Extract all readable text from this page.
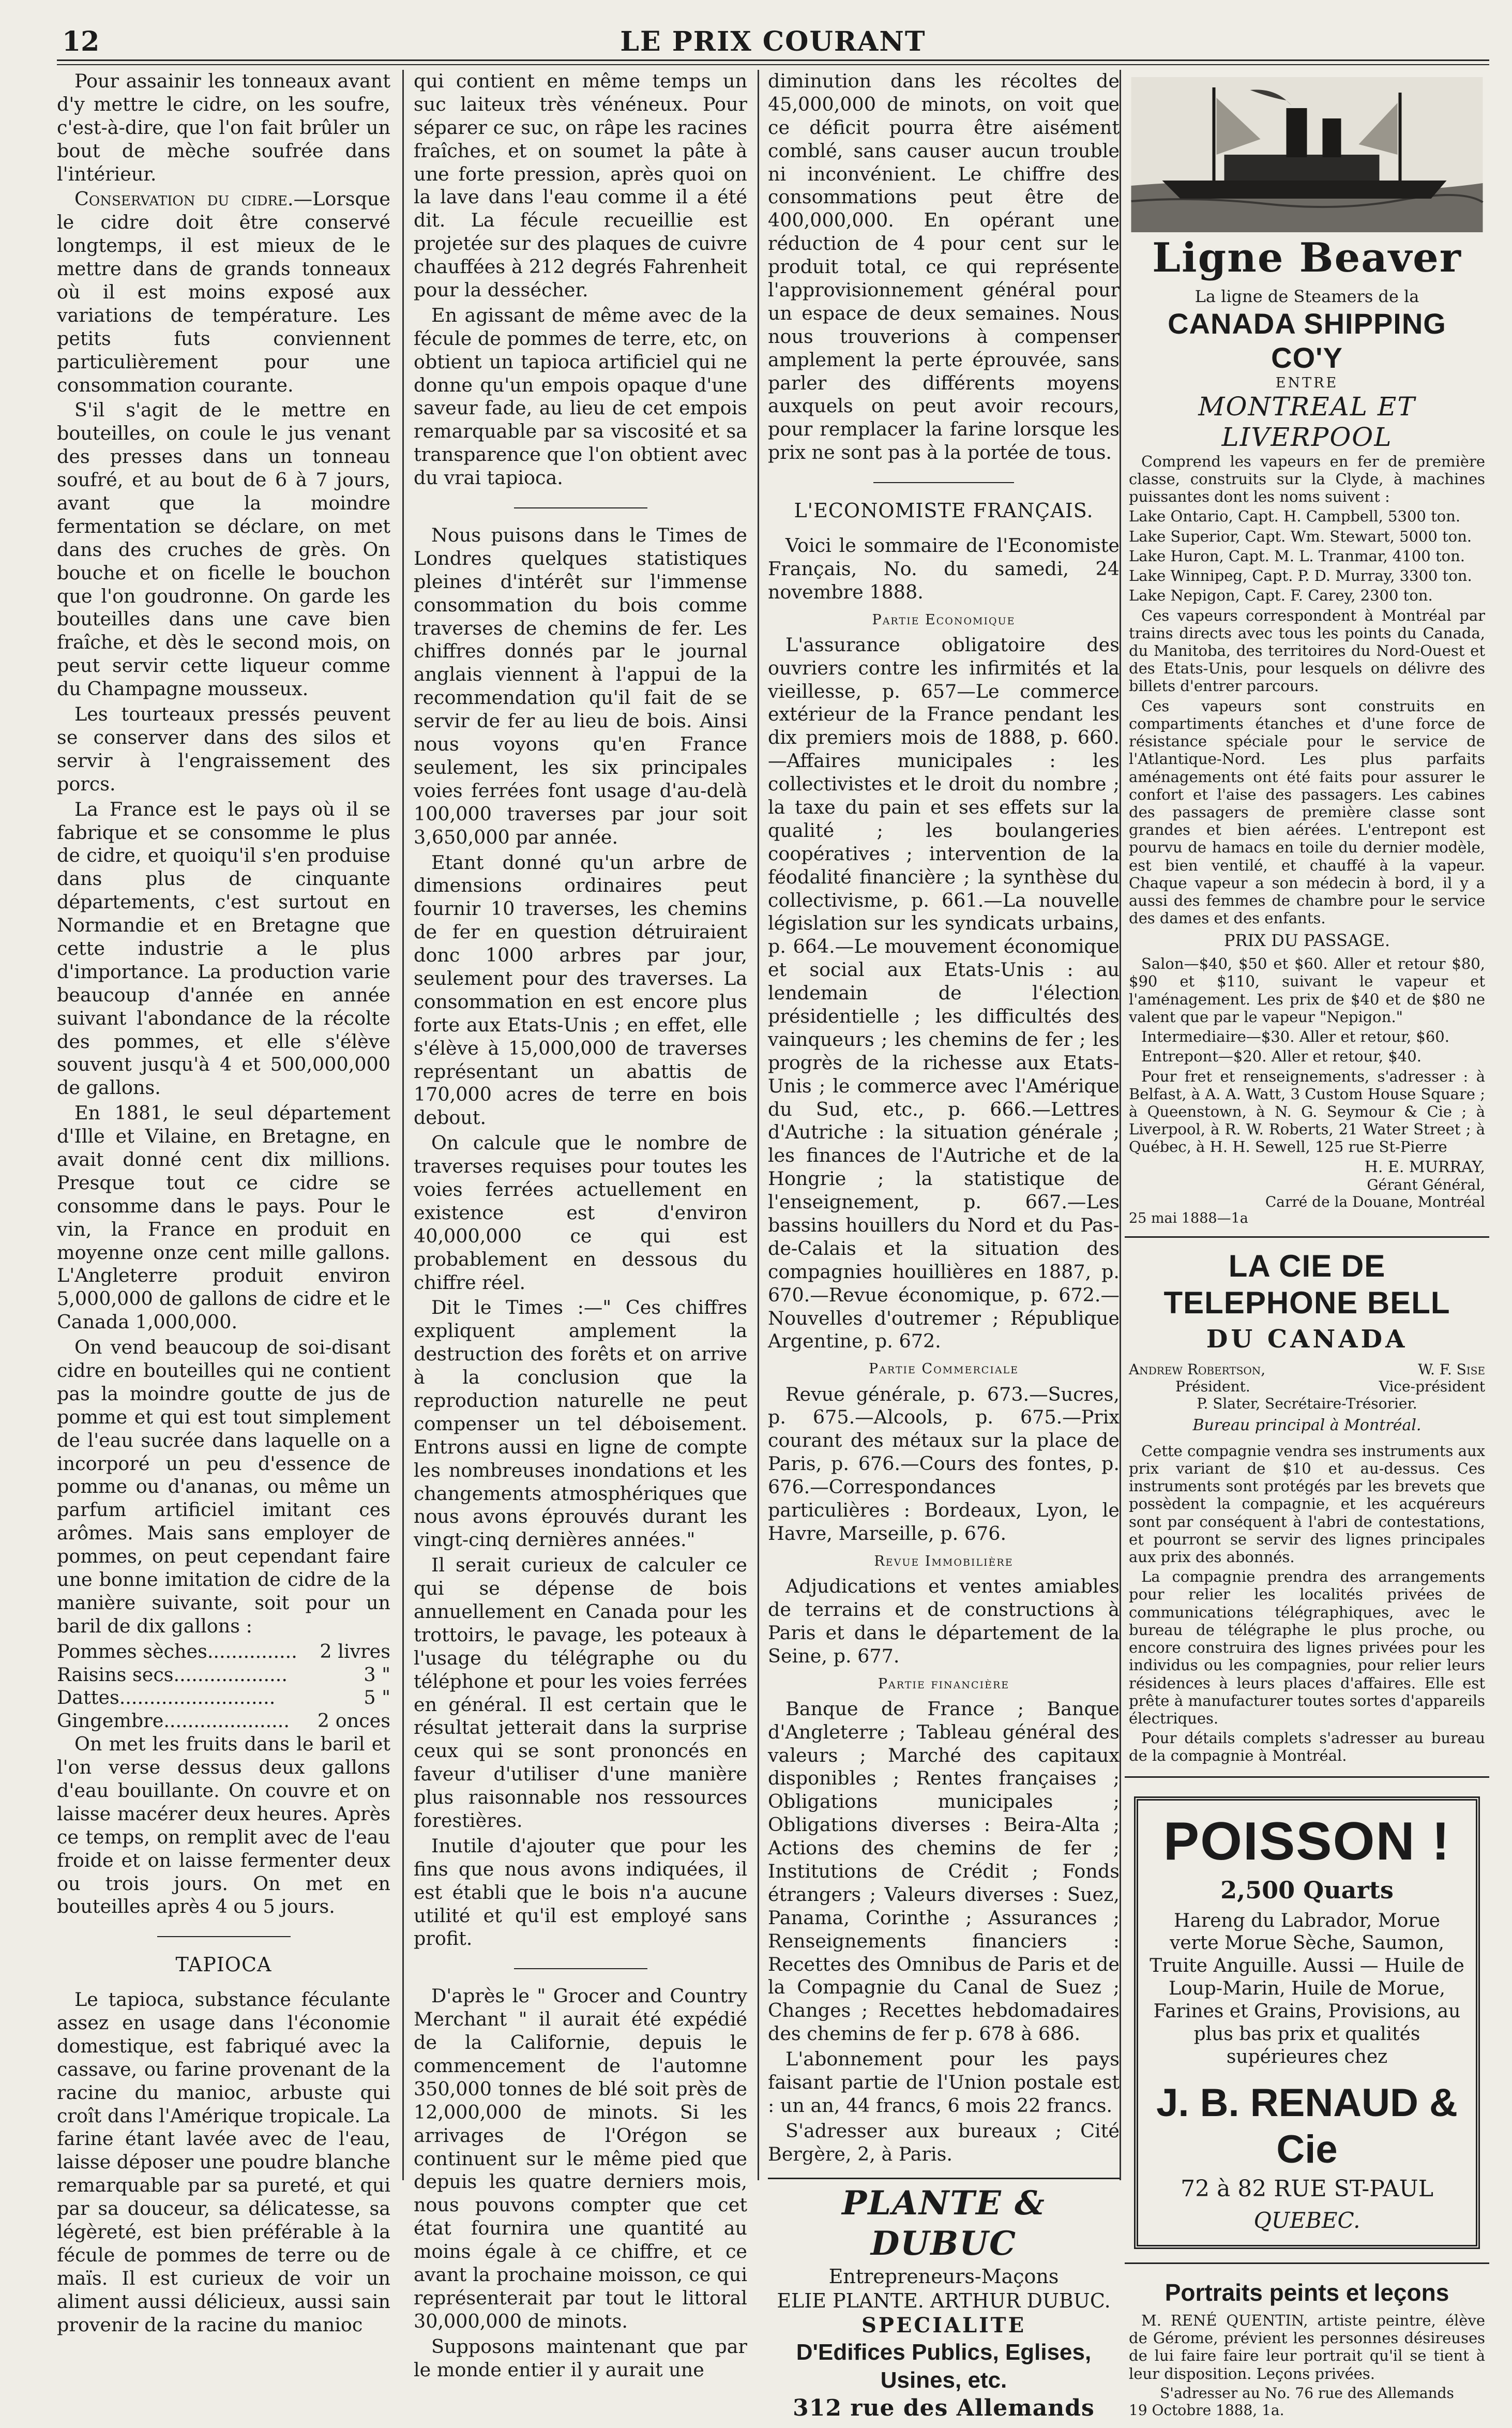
12	LE PRIX COURANT

Pour assainir les tonneaux avant d'y mettre le cidre, on les soufre, c'est-à-dire, que l'on fait brûler un bout de mèche soufrée dans l'intérieur.

Conservation du cidre.—Lorsque le cidre doit être conservé longtemps, il est mieux de le mettre dans de grands tonneaux où il est moins exposé aux variations de température. Les petits futs conviennent particulièrement pour une consommation courante.

S'il s'agit de le mettre en bouteilles, on coule le jus venant des presses dans un tonneau soufré, et au bout de 6 à 7 jours, avant que la moindre fermentation se déclare, on met dans des cruches de grès. On bouche et on ficelle le bouchon que l'on goudronne. On garde les bouteilles dans une cave bien fraîche, et dès le second mois, on peut servir cette liqueur comme du Champagne mousseux.

Les tourteaux pressés peuvent se conserver dans des silos et servir à l'engraissement des porcs.

La France est le pays où il se fabrique et se consomme le plus de cidre, et quoiqu'il s'en produise dans plus de cinquante départements, c'est surtout en Normandie et en Bretagne que cette industrie a le plus d'importance. La production varie beaucoup d'année en année suivant l'abondance de la récolte des pommes, et elle s'élève souvent jusqu'à 4 et 500,000,000 de gallons.

En 1881, le seul département d'Ille et Vilaine, en Bretagne, en avait donné cent dix millions. Presque tout ce cidre se consomme dans le pays. Pour le vin, la France en produit en moyenne onze cent mille gallons. L'Angleterre produit environ 5,000,000 de gallons de cidre et le Canada 1,000,000.

On vend beaucoup de soi-disant cidre en bouteilles qui ne contient pas la moindre goutte de jus de pomme et qui est tout simplement de l'eau sucrée dans laquelle on a incorporé un peu d'essence de pomme ou d'ananas, ou même un parfum artificiel imitant ces arômes. Mais sans employer de pommes, on peut cependant faire une bonne imitation de cidre de la manière suivante, soit pour un baril de dix gallons :

Pommes sèches...............	2 livres
Raisins secs...................	3 "
Dattes..........................	5 "
Gingembre.....................	2 onces

On met les fruits dans le baril et l'on verse dessus deux gallons d'eau bouillante. On couvre et on laisse macérer deux heures. Après ce temps, on remplit avec de l'eau froide et on laisse fermenter deux ou trois jours. On met en bouteilles après 4 ou 5 jours.

TAPIOCA

Le tapioca, substance féculante assez en usage dans l'économie domestique, est fabriqué avec la cassave, ou farine provenant de la racine du manioc, arbuste qui croît dans l'Amérique tropicale. La farine étant lavée avec de l'eau, laisse déposer une poudre blanche remarquable par sa pureté, et qui par sa douceur, sa délicatesse, sa légèreté, est bien préférable à la fécule de pommes de terre ou de maïs. Il est curieux de voir un aliment aussi délicieux, aussi sain provenir de la racine du manioc

qui contient en même temps un suc laiteux très vénéneux. Pour séparer ce suc, on râpe les racines fraîches, et on soumet la pâte à une forte pression, après quoi on la lave dans l'eau comme il a été dit. La fécule recueillie est projetée sur des plaques de cuivre chauffées à 212 degrés Fahrenheit pour la dessécher.

En agissant de même avec de la fécule de pommes de terre, etc, on obtient un tapioca artificiel qui ne donne qu'un empois opaque d'une saveur fade, au lieu de cet empois remarquable par sa viscosité et sa transparence que l'on obtient avec du vrai tapioca.

Nous puisons dans le Times de Londres quelques statistiques pleines d'intérêt sur l'immense consommation du bois comme traverses de chemins de fer. Les chiffres donnés par le journal anglais viennent à l'appui de la recommendation qu'il fait de se servir de fer au lieu de bois. Ainsi nous voyons qu'en France seulement, les six principales voies ferrées font usage d'au-delà 100,000 traverses par jour soit 3,650,000 par année.

Etant donné qu'un arbre de dimensions ordinaires peut fournir 10 traverses, les chemins de fer en question détruiraient donc 1000 arbres par jour, seulement pour des traverses. La consommation en est encore plus forte aux Etats-Unis ; en effet, elle s'élève à 15,000,000 de traverses représentant un abattis de 170,000 acres de terre en bois debout.

On calcule que le nombre de traverses requises pour toutes les voies ferrées actuellement en existence est d'environ 40,000,000 ce qui est probablement en dessous du chiffre réel.

Dit le Times :—" Ces chiffres expliquent amplement la destruction des forêts et on arrive à la conclusion que la reproduction naturelle ne peut compenser un tel déboisement. Entrons aussi en ligne de compte les nombreuses inondations et les changements atmosphériques que nous avons éprouvés durant les vingt-cinq dernières années."

Il serait curieux de calculer ce qui se dépense de bois annuellement en Canada pour les trottoirs, le pavage, les poteaux à l'usage du télégraphe ou du téléphone et pour les voies ferrées en général. Il est certain que le résultat jetterait dans la surprise ceux qui se sont prononcés en faveur d'utiliser d'une manière plus raisonnable nos ressources forestières.

Inutile d'ajouter que pour les fins que nous avons indiquées, il est établi que le bois n'a aucune utilité et qu'il est employé sans profit.

D'après le " Grocer and Country Merchant " il aurait été expédié de la Californie, depuis le commencement de l'automne 350,000 tonnes de blé soit près de 12,000,000 de minots. Si les arrivages de l'Orégon se continuent sur le même pied que depuis les quatre derniers mois, nous pouvons compter que cet état fournira une quantité au moins égale à ce chiffre, et ce avant la prochaine moisson, ce qui représenterait par tout le littoral 30,000,000 de minots.

Supposons maintenant que par le monde entier il y aurait une

diminution dans les récoltes de 45,000,000 de minots, on voit que ce déficit pourra être aisément comblé, sans causer aucun trouble ni inconvénient. Le chiffre des consommations peut être de 400,000,000. En opérant une réduction de 4 pour cent sur le produit total, ce qui représente l'approvisionnement général pour un espace de deux semaines. Nous nous trouverions à compenser amplement la perte éprouvée, sans parler des différents moyens auxquels on peut avoir recours, pour remplacer la farine lorsque les prix ne sont pas à la portée de tous.

L'ECONOMISTE FRANÇAIS.

Voici le sommaire de l'Economiste Français, No. du samedi, 24 novembre 1888.

Partie Economique

L'assurance obligatoire des ouvriers contre les infirmités et la vieillesse, p. 657—Le commerce extérieur de la France pendant les dix premiers mois de 1888, p. 660.—Affaires municipales : les collectivistes et le droit du nombre ; la taxe du pain et ses effets sur la qualité ; les boulangeries coopératives ; intervention de la féodalité financière ; la synthèse du collectivisme, p. 661.—La nouvelle législation sur les syndicats urbains, p. 664.—Le mouvement économique et social aux Etats-Unis : au lendemain de l'élection présidentielle ; les difficultés des vainqueurs ; les chemins de fer ; les progrès de la richesse aux Etats-Unis ; le commerce avec l'Amérique du Sud, etc., p. 666.—Lettres d'Autriche : la situation générale ; les finances de l'Autriche et de la Hongrie ; la statistique de l'enseignement, p. 667.—Les bassins houillers du Nord et du Pas-de-Calais et la situation des compagnies houillières en 1887, p. 670.—Revue économique, p. 672.—Nouvelles d'outremer ; République Argentine, p. 672.

Partie Commerciale

Revue générale, p. 673.—Sucres, p. 675.—Alcools, p. 675.—Prix courant des métaux sur la place de Paris, p. 676.—Cours des fontes, p. 676.—Correspondances particulières : Bordeaux, Lyon, le Havre, Marseille, p. 676.

Revue Immobilière

Adjudications et ventes amiables de terrains et de constructions à Paris et dans le département de la Seine, p. 677.

Partie financière

Banque de France ; Banque d'Angleterre ; Tableau général des valeurs ; Marché des capitaux disponibles ; Rentes françaises ; Obligations municipales ; Obligations diverses : Beira-Alta ; Actions des chemins de fer ; Institutions de Crédit ; Fonds étrangers ; Valeurs diverses : Suez, Panama, Corinthe ; Assurances ; Renseignements financiers : Recettes des Omnibus de Paris et de la Compagnie du Canal de Suez ; Changes ; Recettes hebdomadaires des chemins de fer p. 678 à 686.

L'abonnement pour les pays faisant partie de l'Union postale est : un an, 44 francs, 6 mois 22 francs.

S'adresser aux bureaux ; Cité Bergère, 2, à Paris.

PLANTE & DUBUC
Entrepreneurs-Maçons
ELIE PLANTE. ARTHUR DUBUC.
SPECIALITE
D'Edifices Publics, Eglises, Usines, etc.
312 rue des Allemands
Ligne Beaver
La ligne de Steamers de la
CANADA SHIPPING CO'Y
ENTRE
MONTREAL ET LIVERPOOL

Comprend les vapeurs en fer de première classe, construits sur la Clyde, à machines puissantes dont les noms suivent :

Lake Ontario, Capt. H. Campbell, 5300 ton.

Lake Superior, Capt. Wm. Stewart, 5000 ton.

Lake Huron, Capt. M. L. Tranmar, 4100 ton.

Lake Winnipeg, Capt. P. D. Murray, 3300 ton.

Lake Nepigon, Capt. F. Carey, 2300 ton.

Ces vapeurs correspondent à Montréal par trains directs avec tous les points du Canada, du Manitoba, des territoires du Nord-Ouest et des Etats-Unis, pour lesquels on délivre des billets d'entrer parcours.

Ces vapeurs sont construits en compartiments étanches et d'une force de résistance spéciale pour le service de l'Atlantique-Nord. Les plus parfaits aménagements ont été faits pour assurer le confort et l'aise des passagers. Les cabines des passagers de première classe sont grandes et bien aérées. L'entrepont est pourvu de hamacs en toile du dernier modèle, est bien ventilé, et chauffé à la vapeur. Chaque vapeur a son médecin à bord, il y a aussi des femmes de chambre pour le service des dames et des enfants.

PRIX DU PASSAGE.

Salon—$40, $50 et $60. Aller et retour $80, $90 et $110, suivant le vapeur et l'aménagement. Les prix de $40 et de $80 ne valent que par le vapeur "Nepigon."

Intermediaire—$30. Aller et retour, $60.

Entrepont—$20. Aller et retour, $40.

Pour fret et renseignements, s'adresser : à Belfast, à A. A. Watt, 3 Custom House Square ; à Queenstown, à N. G. Seymour & Cie ; à Liverpool, à R. W. Roberts, 21 Water Street ; à Québec, à H. H. Sewell, 125 rue St-Pierre

H. E. MURRAY,
Gérant Général,
Carré de la Douane, Montréal
25 mai 1888—1a
LA CIE DE TELEPHONE BELL
DU CANADA
Andrew Robertson,	W. F. Sise
Président.	Vice-président
P. Slater, Secrétaire-Trésorier.
Bureau principal à Montréal.

Cette compagnie vendra ses instruments aux prix variant de $10 et au-dessus. Ces instruments sont protégés par les brevets que possèdent la compagnie, et les acquéreurs sont par conséquent à l'abri de contestations, et pourront se servir des lignes principales aux prix des abonnés.

La compagnie prendra des arrangements pour relier les localités privées de communications télégraphiques, avec le bureau de télégraphe le plus proche, ou encore construira des lignes privées pour les individus ou les compagnies, pour relier leurs résidences à leurs places d'affaires. Elle est prête à manufacturer toutes sortes d'appareils électriques.

Pour détails complets s'adresser au bureau de la compagnie à Montréal.

POISSON !
2,500 Quarts
Hareng du Labrador, Morue verte Morue Sèche, Saumon, Truite Anguille. Aussi — Huile de Loup-Marin, Huile de Morue, Farines et Grains, Provisions, au plus bas prix et qualités supérieures chez
J. B. RENAUD & Cie
72 à 82 RUE ST-PAUL
QUEBEC.
Portraits peints et leçons

M. RENÉ QUENTIN, artiste peintre, élève de Gérome, prévient les personnes désireuses de lui faire faire leur portrait qu'il se tient à leur disposition. Leçons privées.

S'adresser au No. 76 rue des Allemands
19 Octobre 1888, 1a.
